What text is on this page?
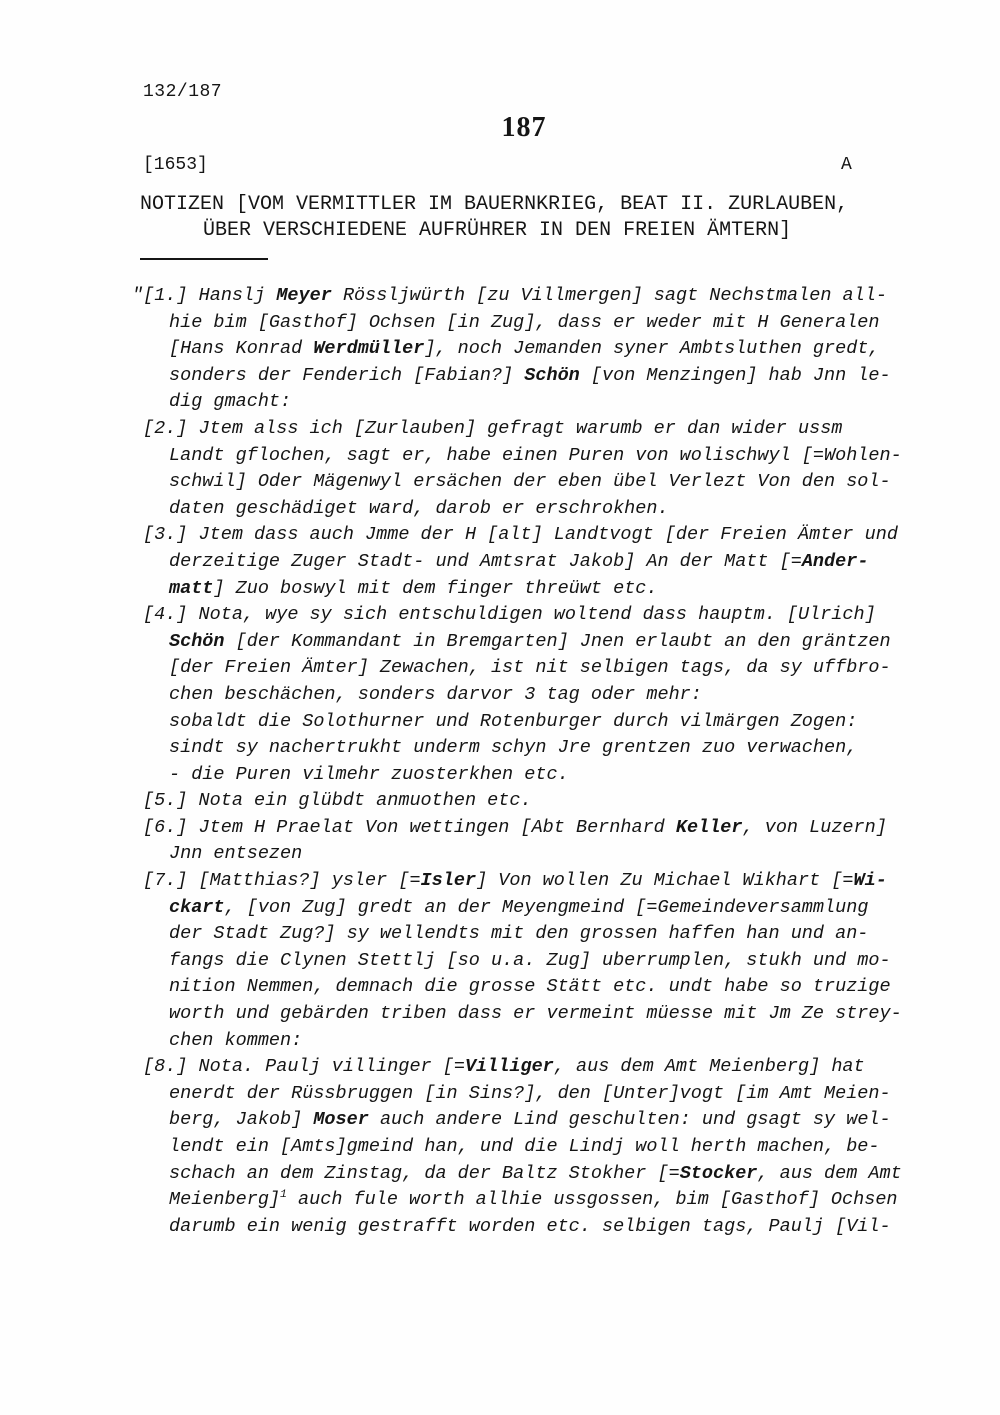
132/187
187
[1653]	A
NOTIZEN [VOM VERMITTLER IM BAUERNKRIEG, BEAT II. ZURLAUBEN,
ÜBER VERSCHIEDENE AUFRÜHRER IN DEN FREIEN ÄMTERN]
"[1.] Hanslj Meyer Rössljwürth [zu Villmergen] sagt Nechstmalen all-
hie bim [Gasthof] Ochsen [in Zug], dass er weder mit H Generalen
[Hans Konrad Werdmüller], noch Jemanden syner Ambtsluthen gredt,
sonders der Fenderich [Fabian?] Schön [von Menzingen] hab Jnn le-
dig gmacht:
[2.] Jtem alss ich [Zurlauben] gefragt warumb er dan wider ussm
Landt gflochen, sagt er, habe einen Puren von wolischwyl [=Wohlen-
schwil] Oder Mägenwyl ersächen der eben übel Verlezt Von den sol-
daten geschädiget ward, darob er erschrokhen.
[3.] Jtem dass auch Jmme der H [alt] Landtvogt [der Freien Ämter und
derzeitige Zuger Stadt- und Amtsrat Jakob] An der Matt [=Ander-
matt] Zuo boswyl mit dem finger threüwt etc.
[4.] Nota, wye sy sich entschuldigen woltend dass hauptm. [Ulrich]
Schön [der Kommandant in Bremgarten] Jnen erlaubt an den gräntzen
[der Freien Ämter] Zewachen, ist nit selbigen tags, da sy uffbro-
chen beschächen, sonders darvor 3 tag oder mehr:
sobaldt die Solothurner und Rotenburger durch vilmärgen Zogen:
sindt sy nachertrukht underm schyn Jre grentzen zuo verwachen,
- die Puren vilmehr zuosterkhen etc.
[5.] Nota ein glübdt anmuothen etc.
[6.] Jtem H Praelat Von wettingen [Abt Bernhard Keller, von Luzern]
Jnn entsezen
[7.] [Matthias?] ysler [=Isler] Von wollen Zu Michael Wikhart [=Wi-
ckart, [von Zug] gredt an der Meyengmeind [=Gemeindeversammlung
der Stadt Zug?] sy wellendts mit den grossen haffen han und an-
fangs die Clynen Stettlj [so u.a. Zug] uberrumplen, stukh und mo-
nition Nemmen, demnach die grosse Stätt etc. undt habe so truzige
worth und gebärden triben dass er vermeint müesse mit Jm Ze strey-
chen kommen:
[8.] Nota. Paulj villinger [=Villiger, aus dem Amt Meienberg] hat
enerdt der Rüssbruggen [in Sins?], den [Unter]vogt [im Amt Meien-
berg, Jakob] Moser auch andere Lind geschulten: und gsagt sy wel-
lendt ein [Amts]gmeind han, und die Lindj woll herth machen, be-
schach an dem Zinstag, da der Baltz Stokher [=Stocker, aus dem Amt
Meienberg]$^1$ auch fule worth allhie ussgossen, bim [Gasthof] Ochsen
darumb ein wenig gestrafft worden etc. selbigen tags, Paulj [Vil-
